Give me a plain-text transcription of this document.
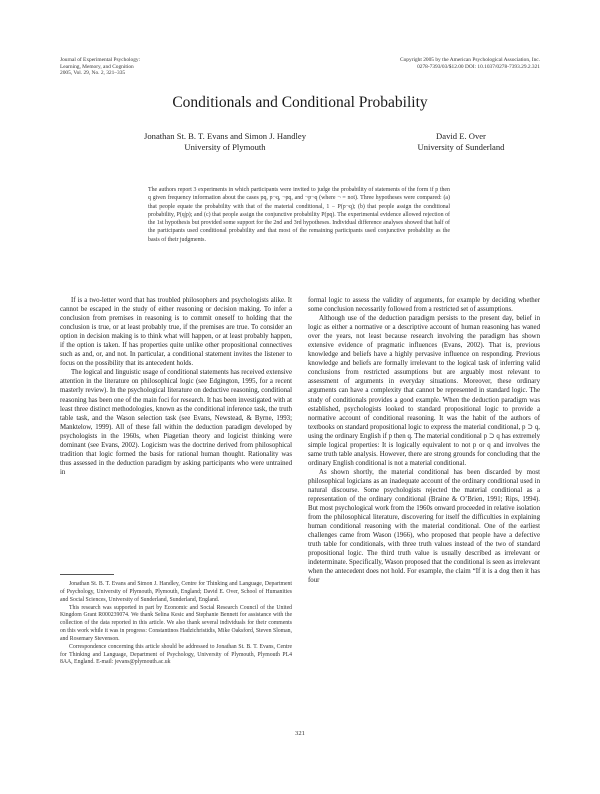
Journal of Experimental Psychology:
Learning, Memory, and Cognition
2005, Vol. 29, No. 2, 321–335
Copyright 2005 by the American Psychological Association, Inc.
0278-7393/03/$12.00 DOI: 10.1037/0278-7393.29.2.321
Conditionals and Conditional Probability
Jonathan St. B. T. Evans and Simon J. Handley
University of Plymouth
David E. Over
University of Sunderland
The authors report 3 experiments in which participants were invited to judge the probability of statements of the form if p then q given frequency information about the cases pq, p¬q, ¬pq, and ¬p¬q (where ¬ = not). Three hypotheses were compared: (a) that people equate the probability with that of the material conditional, 1 − P(p¬q); (b) that people assign the conditional probability, P(q|p); and (c) that people assign the conjunctive probability P(pq). The experimental evidence allowed rejection of the 1st hypothesis but provided some support for the 2nd and 3rd hypotheses. Individual difference analyses showed that half of the participants used conditional probability and that most of the remaining participants used conjunctive probability as the basis of their judgments.

If is a two-letter word that has troubled philosophers and psychologists alike. It cannot be escaped in the study of either reasoning or decision making. To infer a conclusion from premises in reasoning is to commit oneself to holding that the conclusion is true, or at least probably true, if the premises are true. To consider an option in decision making is to think what will happen, or at least probably happen, if the option is taken. If has properties quite unlike other propositional connectives such as and, or, and not. In particular, a conditional statement invites the listener to focus on the possibility that its antecedent holds.

The logical and linguistic usage of conditional statements has received extensive attention in the literature on philosophical logic (see Edgington, 1995, for a recent masterly review). In the psychological literature on deductive reasoning, conditional reasoning has been one of the main foci for research. It has been investigated with at least three distinct methodologies, known as the conditional inference task, the truth table task, and the Wason selection task (see Evans, Newstead, & Byrne, 1993; Manktelow, 1999). All of these fall within the deduction paradigm developed by psychologists in the 1960s, when Piagetian theory and logicist thinking were dominant (see Evans, 2002). Logicism was the doctrine derived from philosophical tradition that logic formed the basis for rational human thought. Rationality was thus assessed in the deduction paradigm by asking participants who were untrained in

formal logic to assess the validity of arguments, for example by deciding whether some conclusion necessarily followed from a restricted set of assumptions.

Although use of the deduction paradigm persists to the present day, belief in logic as either a normative or a descriptive account of human reasoning has waned over the years, not least because research involving the paradigm has shown extensive evidence of pragmatic influences (Evans, 2002). That is, previous knowledge and beliefs have a highly pervasive influence on responding. Previous knowledge and beliefs are formally irrelevant to the logical task of inferring valid conclusions from restricted assumptions but are arguably most relevant to assessment of arguments in everyday situations. Moreover, these ordinary arguments can have a complexity that cannot be represented in standard logic. The study of conditionals provides a good example. When the deduction paradigm was established, psychologists looked to standard propositional logic to provide a normative account of conditional reasoning. It was the habit of the authors of textbooks on standard propositional logic to express the material conditional, p ⊃ q, using the ordinary English if p then q. The material conditional p ⊃ q has extremely simple logical properties: It is logically equivalent to not p or q and involves the same truth table analysis. However, there are strong grounds for concluding that the ordinary English conditional is not a material conditional.

As shown shortly, the material conditional has been discarded by most philosophical logicians as an inadequate account of the ordinary conditional used in natural discourse. Some psychologists rejected the material conditional as a representation of the ordinary conditional (Braine & O’Brien, 1991; Rips, 1994). But most psychological work from the 1960s onward proceeded in relative isolation from the philosophical literature, discovering for itself the difficulties in explaining human conditional reasoning with the material conditional. One of the earliest challenges came from Wason (1966), who proposed that people have a defective truth table for conditionals, with three truth values instead of the two of standard propositional logic. The third truth value is usually described as irrelevant or indeterminate. Specifically, Wason proposed that the conditional is seen as irrelevant when the antecedent does not hold. For example, the claim “If it is a dog then it has four

Jonathan St. B. T. Evans and Simon J. Handley, Centre for Thinking and Language, Department of Psychology, University of Plymouth, Plymouth, England; David E. Over, School of Humanities and Social Sciences, University of Sunderland, Sunderland, England.

This research was supported in part by Economic and Social Research Council of the United Kingdom Grant R000239074. We thank Selina Kesic and Stephanie Bennett for assistance with the collection of the data reported in this article. We also thank several individuals for their comments on this work while it was in progress: Constantinos Hadzichristidis, Mike Oaksford, Steven Sloman, and Rosemary Stevenson.

Correspondence concerning this article should be addressed to Jonathan St. B. T. Evans, Centre for Thinking and Language, Department of Psychology, University of Plymouth, Plymouth PL4 8AA, England. E-mail: jevans@plymouth.ac.uk

321
